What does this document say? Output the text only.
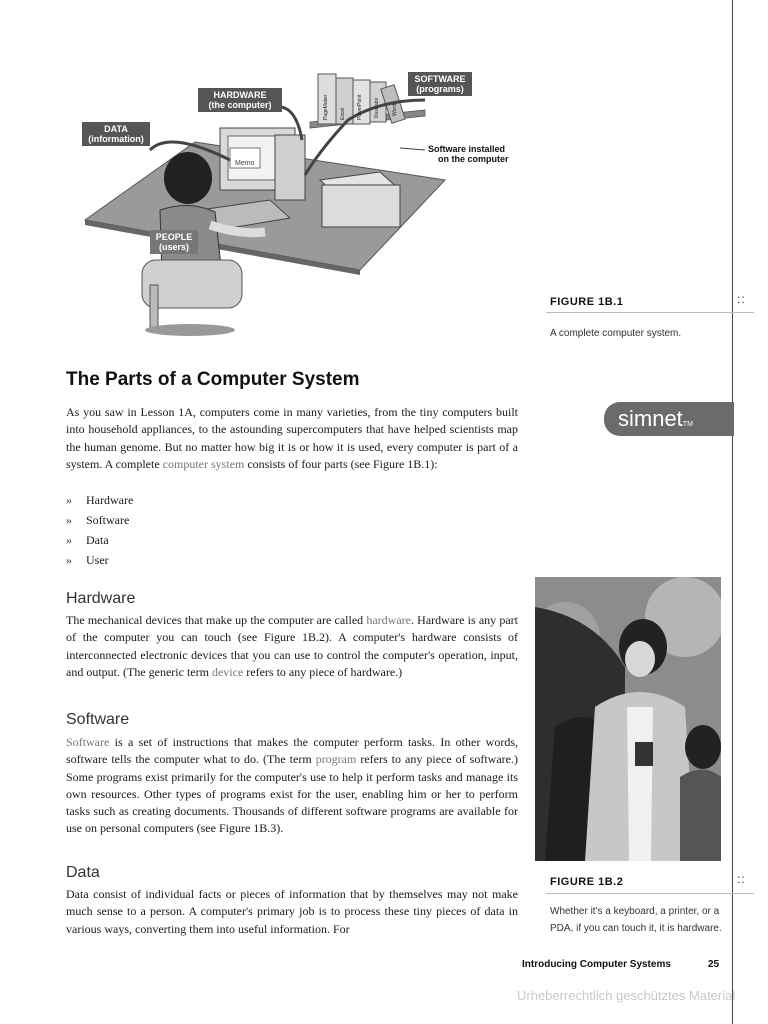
::
::
PageMaker Excel PowerPoint Illustrator Word
Memo
SOFTWARE
(programs)
HARDWARE
(the computer)
DATA
(information)
PEOPLE
(users)
Software installed
on the computer
FIGURE 1B.1
A complete computer system.
simnet™
The Parts of a Computer System
As you saw in Lesson 1A, computers come in many varieties, from the tiny computers built into household appliances, to the astounding supercomputers that have helped scientists map the human genome. But no matter how big it is or how it is used, every computer is part of a system. A complete computer system consists of four parts (see Figure 1B.1):
» Hardware
» Software
» Data
» User
Hardware
The mechanical devices that make up the computer are called hardware. Hardware is any part of the computer you can touch (see Figure 1B.2). A computer's hardware consists of interconnected electronic devices that you can use to control the computer's operation, input, and output. (The generic term device refers to any piece of hardware.)
Software
Software is a set of instructions that makes the computer perform tasks. In other words, software tells the computer what to do. (The term program refers to any piece of software.) Some programs exist primarily for the computer's use to help it perform tasks and manage its own resources. Other types of programs exist for the user, enabling him or her to perform tasks such as creating documents. Thousands of different software programs are available for use on personal computers (see Figure 1B.3).
Data
Data consist of individual facts or pieces of information that by themselves may not make much sense to a person. A computer's primary job is to process these tiny pieces of data in various ways, converting them into useful information. For
FIGURE 1B.2
Whether it's a keyboard, a printer, or a
PDA, if you can touch it, it is hardware.
Introducing Computer Systems	25
Urheberrechtlich geschütztes Material
